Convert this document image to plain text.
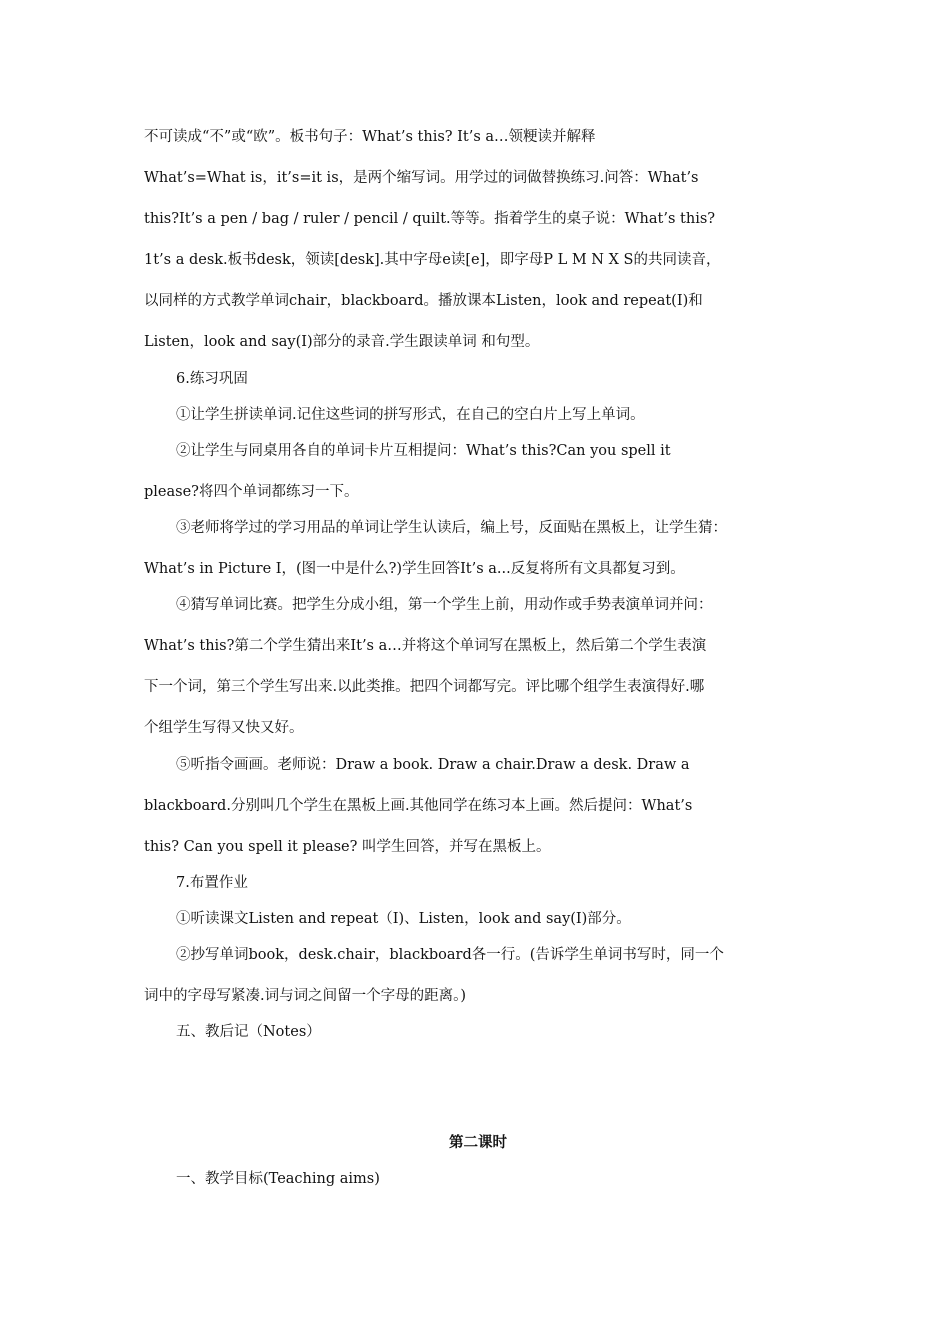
不可读成“不”或“欧”。板书句子：What’s this? It’s a…领粳读并解释
What’s=What is，it’s=it is，是两个缩写词。用学过的词做替换练习.问答：What’s
this?It’s a pen / bag / ruler / pencil / quilt.等等。指着学生的桌子说：What’s this?
1t’s a desk.板书desk，领读[desk].其中字母e读[e]，即字母P L M N X S的共同读音，
以同样的方式教学单词chair，blackboard。播放课本Listen，look and repeat(I)和
Listen，look and say(I)部分的录音.学生跟读单词 和句型。
6.练习巩固
①让学生拼读单词.记住这些词的拼写形式，在自己的空白片上写上单词。
②让学生与同桌用各自的单词卡片互相提问：What’s this?Can you spell it
please?将四个单词都练习一下。
③老师将学过的学习用品的单词让学生认读后，编上号，反面贴在黑板上，让学生猜：
What’s in Picture I，(图一中是什么?)学生回答It’s a...反复将所有文具都复习到。
④猜写单词比赛。把学生分成小组，第一个学生上前，用动作或手势表演单词并问：
What’s this?第二个学生猜出来It’s a…并将这个单词写在黑板上，然后第二个学生表演
下一个词，第三个学生写出来.以此类推。把四个词都写完。评比哪个组学生表演得好.哪
个组学生写得又快又好。
⑤听指令画画。老师说：Draw a book. Draw a chair.Draw a desk. Draw a
blackboard.分别叫几个学生在黑板上画.其他同学在练习本上画。然后提问：What’s
this? Can you spell it please? 叫学生回答，并写在黑板上。
7.布置作业
①听读课文Listen and repeat（Ⅰ)、Listen，look and say(Ⅰ)部分。
②抄写单词book，desk.chair，blackboard各一行。(告诉学生单词书写时，同一个
词中的字母写紧凑.词与词之间留一个字母的距离。)
五、教后记（Notes）
第二课时
一、教学目标(Teaching aims)
